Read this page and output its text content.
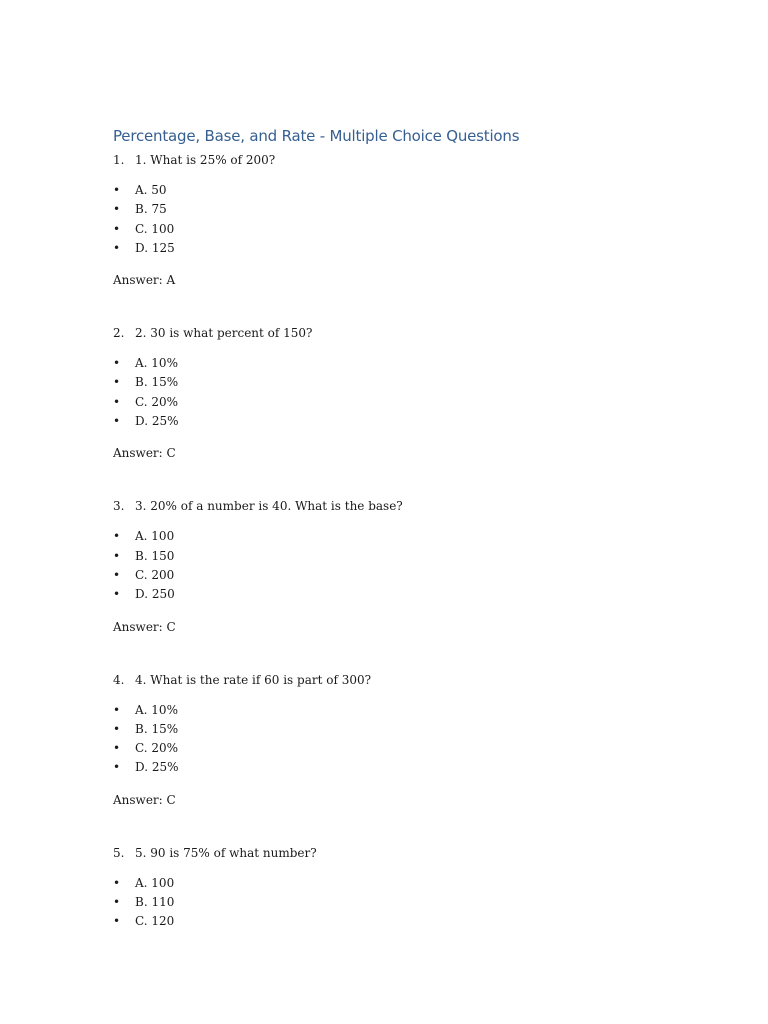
Percentage, Base, and Rate - Multiple Choice Questions
1. 1. What is 25% of 200?
• A. 50
• B. 75
• C. 100
• D. 125
Answer: A
2. 2. 30 is what percent of 150?
• A. 10%
• B. 15%
• C. 20%
• D. 25%
Answer: C
3. 3. 20% of a number is 40. What is the base?
• A. 100
• B. 150
• C. 200
• D. 250
Answer: C
4. 4. What is the rate if 60 is part of 300?
• A. 10%
• B. 15%
• C. 20%
• D. 25%
Answer: C
5. 5. 90 is 75% of what number?
• A. 100
• B. 110
• C. 120
